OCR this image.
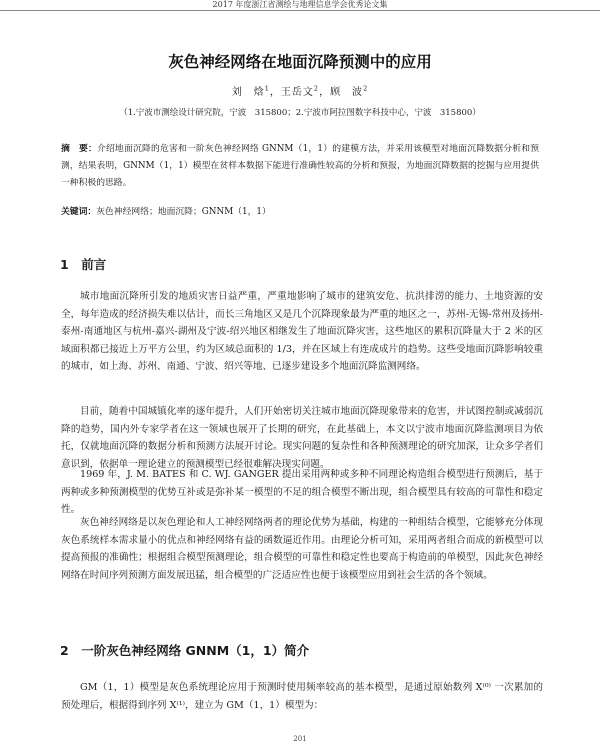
2017 年度浙江省测绘与地理信息学会优秀论文集
灰色神经网络在地面沉降预测中的应用
刘　焓$^1$，王岳文$^2$，顾　波$^2$
（1.宁波市测绘设计研究院，宁波　315800；2.宁波市阿拉图数字科技中心，宁波　315800）
摘　要：介绍地面沉降的危害和一阶灰色神经网络 GNNM（1，1）的建模方法，并采用该模型对地面沉降数据分析和预测，结果表明，GNNM（1，1）模型在贫样本数据下能进行准确性较高的分析和预报，为地面沉降数据的挖掘与应用提供一种积极的思路。
关键词：灰色神经网络；地面沉降；GNNM（1，1）
1　前言
城市地面沉降所引发的地质灾害日益严重，严重地影响了城市的建筑安危、抗洪排涝的能力、土地资源的安全，每年造成的经济损失难以估计，而长三角地区又是几个沉降现象最为严重的地区之一，苏州-无锡-常州及扬州-泰州-南通地区与杭州-嘉兴-湖州及宁波-绍兴地区相继发生了地面沉降灾害，这些地区的累积沉降量大于 2 米的区域面积都已接近上万平方公里，约为区域总面积的 1/3，并在区域上有连成成片的趋势。这些受地面沉降影响较重的城市，如上海、苏州、南通、宁波、绍兴等地、已逐步建设多个地面沉降监测网络。
目前，随着中国城镇化率的逐年提升，人们开始密切关注城市地面沉降现象带来的危害，并试图控制或减弱沉降的趋势，国内外专家学者在这一领域也展开了长期的研究，在此基础上，本文以宁波市地面沉降监测项目为依托，仅就地面沉降的数据分析和预测方法展开讨论。现实问题的复杂性和各种预测理论的研究加深，让众多学者们意识到，依据单一理论建立的预测模型已经很难解决现实问题。
1969 年，J. M. BATES 和 C. WJ. GANGER 提出采用两种或多种不同理论构造组合模型进行预测后，基于两种或多种预测模型的优势互补或是弥补某一模型的不足的组合模型不断出现，组合模型具有较高的可靠性和稳定性。
灰色神经网络是以灰色理论和人工神经网络两者的理论优势为基础，构建的一种组结合模型，它能够充分体现灰色系统样本需求量小的优点和神经网络有益的函数逼近作用。由理论分析可知，采用两者组合而成的新模型可以提高预报的准确性；根据组合模型预测理论，组合模型的可靠性和稳定性也要高于构造前的单模型，因此灰色神经网络在时间序列预测方面发展迅猛，组合模型的广泛适应性也便于该模型应用到社会生活的各个领域。
2　一阶灰色神经网络 GNNM（1，1）简介
GM（1，1）模型是灰色系统理论应用于预测时使用频率较高的基本模型，是通过原始数列 X⁽⁰⁾ 一次累加的预处理后，根据得到序列 X⁽¹⁾，建立为 GM（1，1）模型为：
201
